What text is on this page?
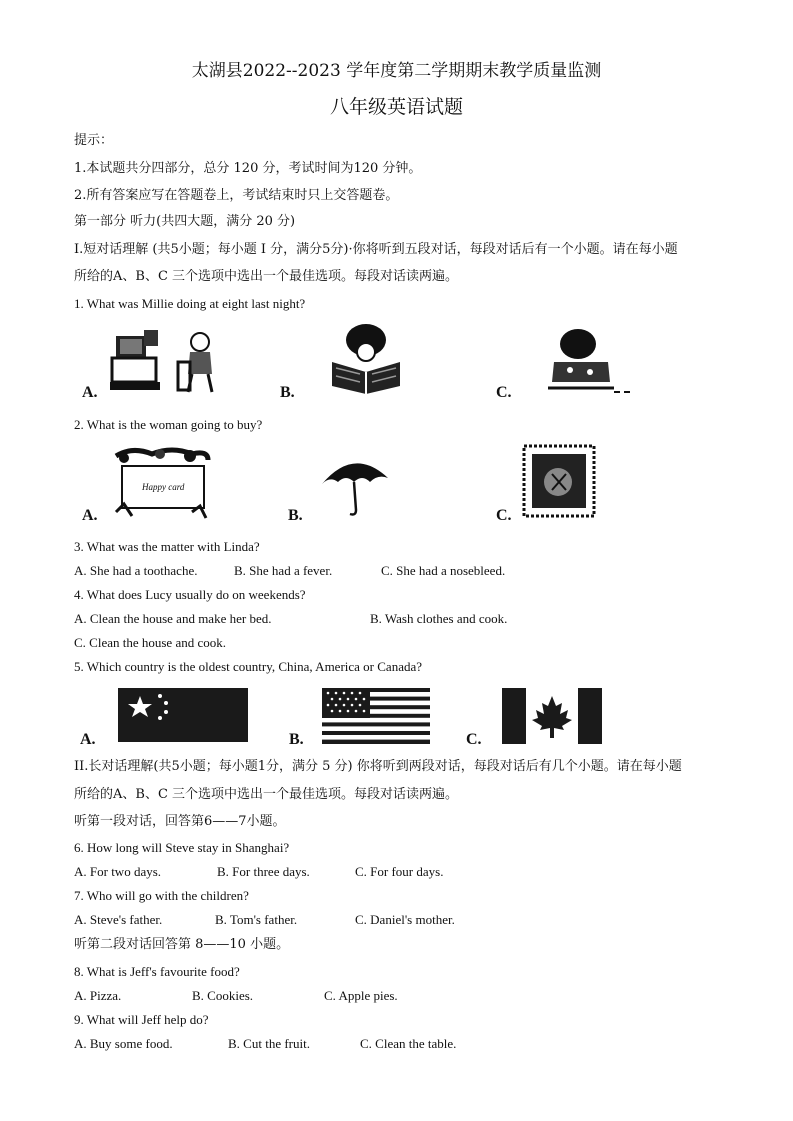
太湖县2022--2023 学年度第二学期期末教学质量监测
八年级英语试题
提示：
1.本试题共分四部分，总分 120 分，考试时间为120 分钟。
2.所有答案应写在答题卷上，考试结束时只上交答题卷。
第一部分 听力(共四大题，满分 20 分)
I.短对话理解 (共5小题；每小题 I 分，满分5分)·你将听到五段对话，每段对话后有一个小题。请在每小题
所给的A、B、C 三个选项中选出一个最佳选项。每段对话读两遍。
1. What was Millie doing at eight last night?
A.	B.	C.
2. What is the woman going to buy?
A.
Happy card
B.	C.
3. What was the matter with Linda?
A. She had a toothache.	B. She had a fever.	C. She had a nosebleed.
4. What does Lucy usually do on weekends?
A. Clean the house and make her bed.	B. Wash clothes and cook.
C. Clean the house and cook.
5. Which country is the oldest country, China, America or Canada?
A.	B.	C.
II.长对话理解(共5小题；每小题1分，满分 5 分) 你将听到两段对话，每段对话后有几个小题。请在每小题
所给的A、B、C 三个选项中选出一个最佳选项。每段对话读两遍。
听第一段对话，回答第6——7小题。
6. How long will Steve stay in Shanghai?
A. For two days.	B. For three days.	C. For four days.
7. Who will go with the children?
A. Steve's father.	B. Tom's father.	C. Daniel's mother.
听第二段对话回答第 8——10 小题。
8. What is Jeff's favourite food?
A. Pizza.	B. Cookies.	C. Apple pies.
9. What will Jeff help do?
A. Buy some food.	B. Cut the fruit.	C. Clean the table.
